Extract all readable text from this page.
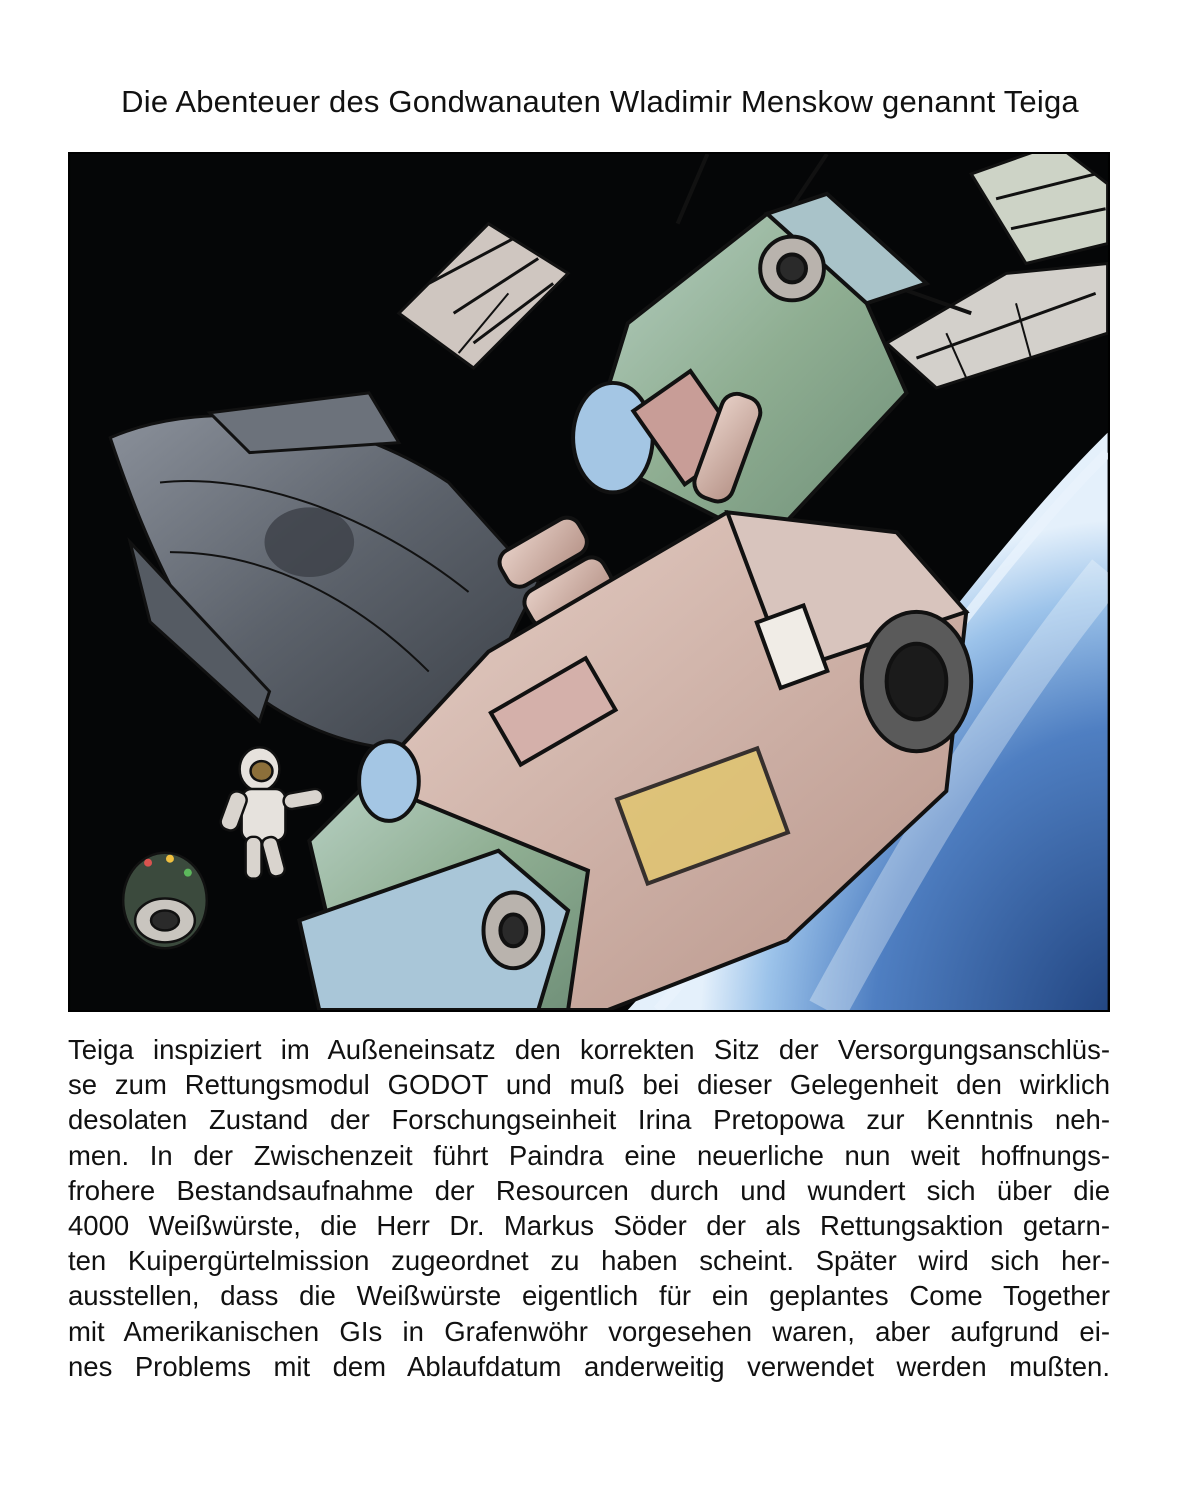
Die Abenteuer des Gondwanauten Wladimir Menskow genannt Teiga
Teiga inspiziert im Außeneinsatz den korrekten Sitz der Versorgungsanschlüs-
se zum Rettungsmodul GODOT und muß bei dieser Gelegenheit den wirklich
desolaten Zustand der Forschungseinheit Irina Pretopowa zur Kenntnis neh-
men. In der Zwischenzeit führt Paindra eine neuerliche nun weit hoffnungs-
frohere Bestandsaufnahme der Resourcen durch und wundert sich über die
4000 Weißwürste, die Herr Dr. Markus Söder der als Rettungsaktion getarn-
ten Kuipergürtelmission zugeordnet zu haben scheint. Später wird sich her-
ausstellen, dass die Weißwürste eigentlich für ein geplantes Come Together
mit Amerikanischen GIs in Grafenwöhr vorgesehen waren, aber aufgrund ei-
nes Problems mit dem Ablaufdatum anderweitig verwendet werden mußten.
